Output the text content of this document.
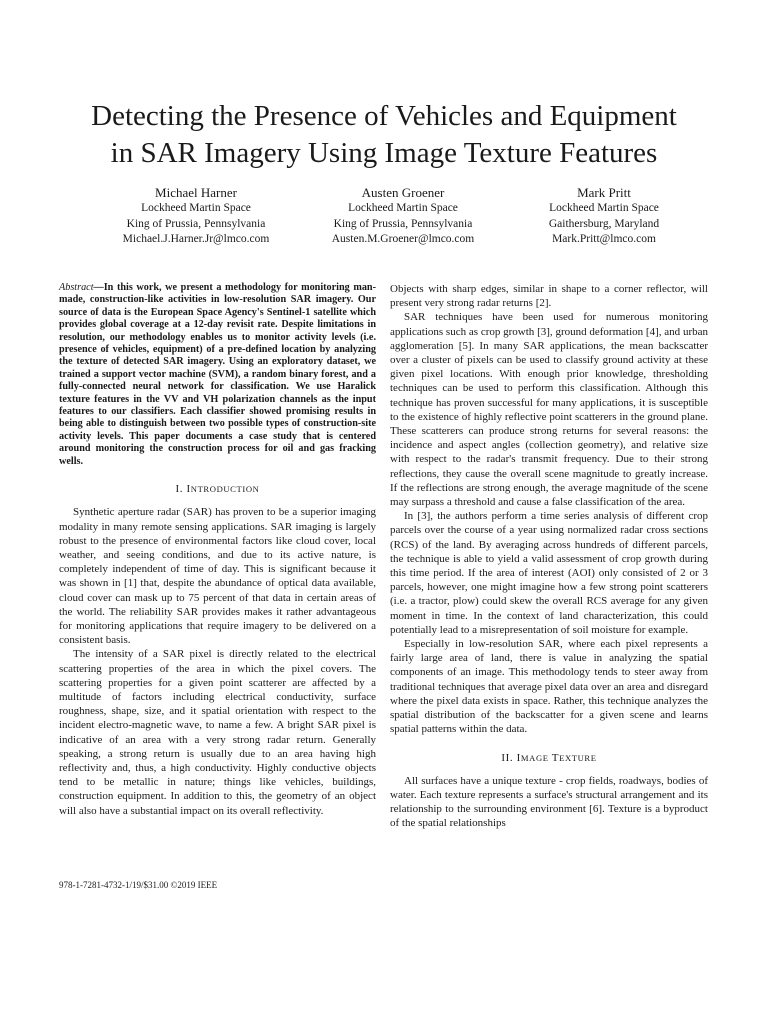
Detecting the Presence of Vehicles and Equipment
in SAR Imagery Using Image Texture Features
Michael Harner
Lockheed Martin Space
King of Prussia, Pennsylvania
Michael.J.Harner.Jr@lmco.com
Austen Groener
Lockheed Martin Space
King of Prussia, Pennsylvania
Austen.M.Groener@lmco.com
Mark Pritt
Lockheed Martin Space
Gaithersburg, Maryland
Mark.Pritt@lmco.com

Abstract—In this work, we present a methodology for monitoring man-made, construction-like activities in low-resolution SAR imagery. Our source of data is the European Space Agency's Sentinel-1 satellite which provides global coverage at a 12-day revisit rate. Despite limitations in resolution, our methodology enables us to monitor activity levels (i.e. presence of vehicles, equipment) of a pre-defined location by analyzing the texture of detected SAR imagery. Using an exploratory dataset, we trained a support vector machine (SVM), a random binary forest, and a fully-connected neural network for classification. We use Haralick texture features in the VV and VH polarization channels as the input features to our classifiers. Each classifier showed promising results in being able to distinguish between two possible types of construction-site activity levels. This paper documents a case study that is centered around monitoring the construction process for oil and gas fracking wells.

I. INTRODUCTION

Synthetic aperture radar (SAR) has proven to be a superior imaging modality in many remote sensing applications. SAR imaging is largely robust to the presence of environmental factors like cloud cover, local weather, and seeing conditions, and due to its active nature, is completely independent of time of day. This is significant because it was shown in [1] that, despite the abundance of optical data available, cloud cover can mask up to 75 percent of that data in certain areas of the world. The reliability SAR provides makes it rather advantageous for monitoring applications that require imagery to be delivered on a consistent basis.

The intensity of a SAR pixel is directly related to the electrical scattering properties of the area in which the pixel covers. The scattering properties for a given point scatterer are affected by a multitude of factors including electrical conductivity, surface roughness, shape, size, and it spatial orientation with respect to the incident electro-magnetic wave, to name a few. A bright SAR pixel is indicative of an area with a very strong radar return. Generally speaking, a strong return is usually due to an area having high reflectivity and, thus, a high conductivity. Highly conductive objects tend to be metallic in nature; things like vehicles, buildings, construction equipment. In addition to this, the geometry of an object will also have a substantial impact on its overall reflectivity.

Objects with sharp edges, similar in shape to a corner reflector, will present very strong radar returns [2].

SAR techniques have been used for numerous monitoring applications such as crop growth [3], ground deformation [4], and urban agglomeration [5]. In many SAR applications, the mean backscatter over a cluster of pixels can be used to classify ground activity at these given pixel locations. With enough prior knowledge, thresholding techniques can be used to perform this classification. Although this technique has proven successful for many applications, it is susceptible to the existence of highly reflective point scatterers in the ground plane. These scatterers can produce strong returns for several reasons: the incidence and aspect angles (collection geometry), and relative size with respect to the radar's transmit frequency. Due to their strong reflections, they cause the overall scene magnitude to greatly increase. If the reflections are strong enough, the average magnitude of the scene may surpass a threshold and cause a false classification of the area.

In [3], the authors perform a time series analysis of different crop parcels over the course of a year using normalized radar cross sections (RCS) of the land. By averaging across hundreds of different parcels, the technique is able to yield a valid assessment of crop growth during this time period. If the area of interest (AOI) only consisted of 2 or 3 parcels, however, one might imagine how a few strong point scatterers (i.e. a tractor, plow) could skew the overall RCS average for any given moment in time. In the context of land characterization, this could potentially lead to a misrepresentation of soil moisture for example.

Especially in low-resolution SAR, where each pixel represents a fairly large area of land, there is value in analyzing the spatial components of an image. This methodology tends to steer away from traditional techniques that average pixel data over an area and disregard where the pixel data exists in space. Rather, this technique analyzes the spatial distribution of the backscatter for a given scene and learns spatial patterns within the data.

II. IMAGE TEXTURE

All surfaces have a unique texture - crop fields, roadways, bodies of water. Each texture represents a surface's structural arrangement and its relationship to the surrounding environment [6]. Texture is a byproduct of the spatial relationships

978-1-7281-4732-1/19/$31.00 ©2019 IEEE
